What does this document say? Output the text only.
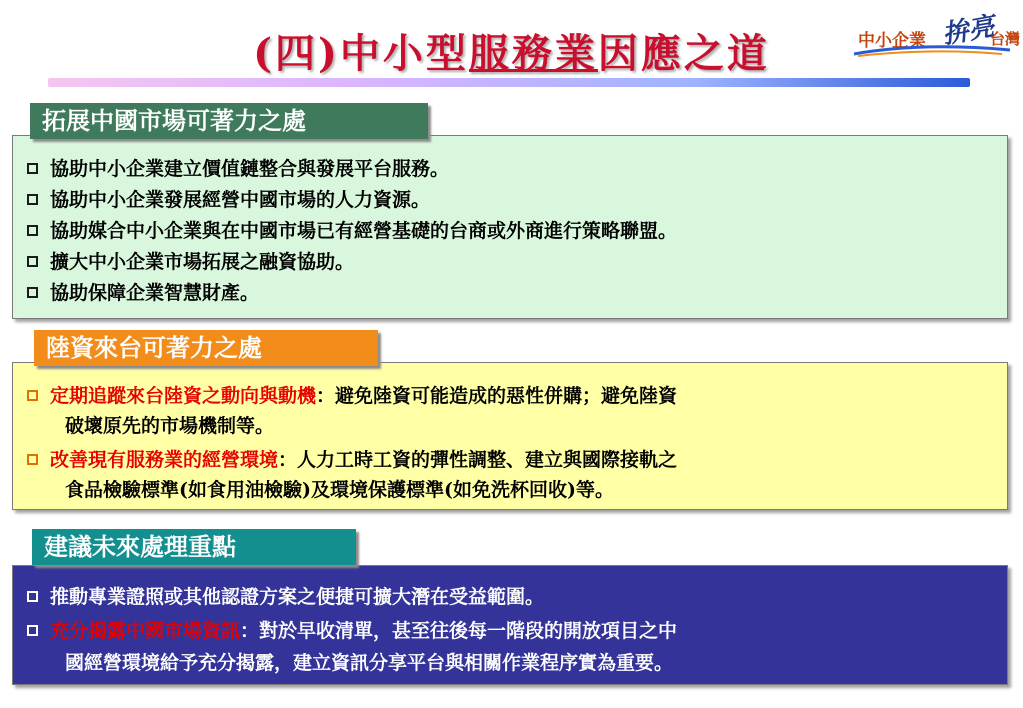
(四)中小型服務業因應之道	中小企業 拚亮
台灣
協助中小企業建立價值鏈整合與發展平台服務。
協助中小企業發展經營中國市場的人力資源。
協助媒合中小企業與在中國市場已有經營基礎的台商或外商進行策略聯盟。
擴大中小企業市場拓展之融資協助。
協助保障企業智慧財產。
拓展中國市場可著力之處
定期追蹤來台陸資之動向與動機：避免陸資可能造成的惡性併購；避免陸資
破壞原先的市場機制等。
改善現有服務業的經營環境：人力工時工資的彈性調整、建立與國際接軌之
食品檢驗標準(如食用油檢驗)及環境保護標準(如免洗杯回收)等。
陸資來台可著力之處
推動專業證照或其他認證方案之便捷可擴大潛在受益範圍。
充分揭露中國市場資訊：對於早收清單，甚至往後每一階段的開放項目之中
國經營環境給予充分揭露，建立資訊分享平台與相關作業程序實為重要。
建議未來處理重點
